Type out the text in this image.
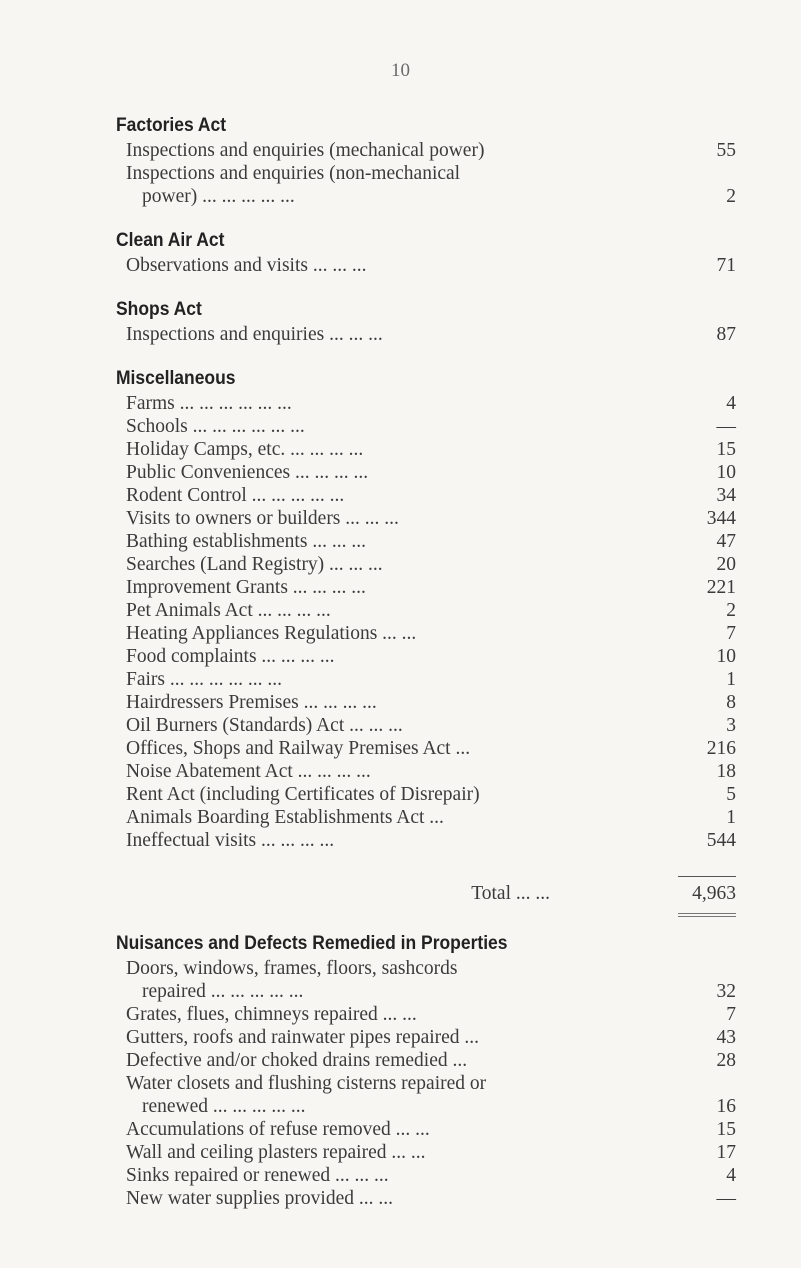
10
Factories Act
Inspections and enquiries (mechanical power)	55
Inspections and enquiries (non-mechanical
power) ... ... ... ... ...	2
Clean Air Act
Observations and visits ... ... ...	71
Shops Act
Inspections and enquiries ... ... ...	87
Miscellaneous
Farms ... ... ... ... ... ...	4
Schools ... ... ... ... ... ...	—
Holiday Camps, etc. ... ... ... ...	15
Public Conveniences ... ... ... ...	10
Rodent Control ... ... ... ... ...	34
Visits to owners or builders ... ... ...	344
Bathing establishments ... ... ...	47
Searches (Land Registry) ... ... ...	20
Improvement Grants ... ... ... ...	221
Pet Animals Act ... ... ... ...	2
Heating Appliances Regulations ... ...	7
Food complaints ... ... ... ...	10
Fairs ... ... ... ... ... ...	1
Hairdressers Premises ... ... ... ...	8
Oil Burners (Standards) Act ... ... ...	3
Offices, Shops and Railway Premises Act ...	216
Noise Abatement Act ... ... ... ...	18
Rent Act (including Certificates of Disrepair)	5
Animals Boarding Establishments Act ...	1
Ineffectual visits ... ... ... ...	544
Total ... ...	4,963
Nuisances and Defects Remedied in Properties
Doors, windows, frames, floors, sashcords
repaired ... ... ... ... ...	32
Grates, flues, chimneys repaired ... ...	7
Gutters, roofs and rainwater pipes repaired ...	43
Defective and/or choked drains remedied ...	28
Water closets and flushing cisterns repaired or
renewed ... ... ... ... ...	16
Accumulations of refuse removed ... ...	15
Wall and ceiling plasters repaired ... ...	17
Sinks repaired or renewed ... ... ...	4
New water supplies provided ... ...	—
